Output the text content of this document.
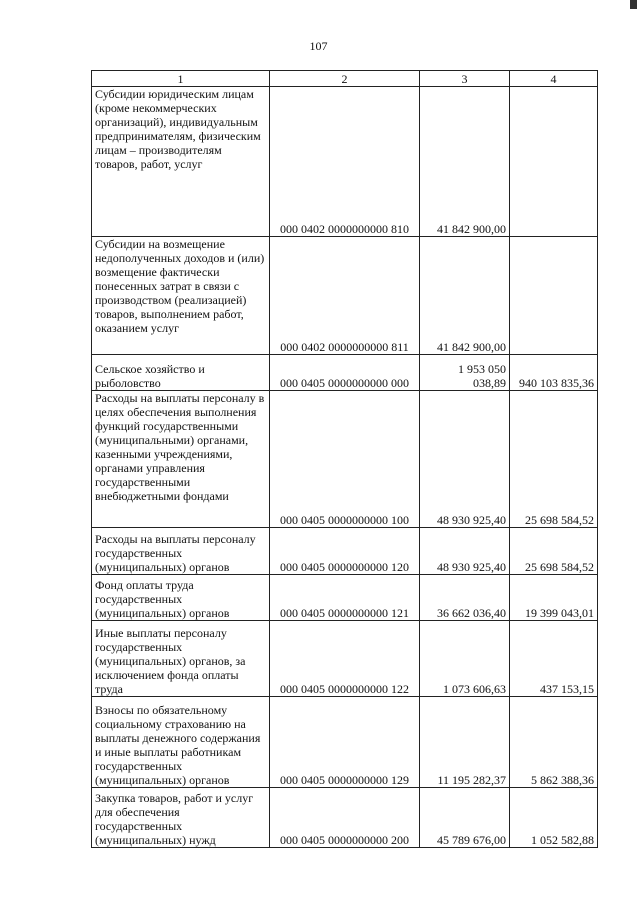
107
1	2	3	4
Субсидии юридическим лицам (кроме некоммерческих организаций), индивидуальным предпринимателям, физическим лицам – производителям товаров, работ, услуг	000 0402 0000000000 810	41 842 900,00	
Субсидии на возмещение недополученных доходов и (или) возмещение фактически понесенных затрат в связи с производством (реализацией) товаров, выполнением работ, оказанием услуг	000 0402 0000000000 811	41 842 900,00	
Сельское хозяйство и рыболовство	000 0405 0000000000 000	1 953 050 038,89	940 103 835,36
Расходы на выплаты персоналу в целях обеспечения выполнения функций государственными (муниципальными) органами, казенными учреждениями, органами управления государственными внебюджетными фондами	000 0405 0000000000 100	48 930 925,40	25 698 584,52
Расходы на выплаты персоналу государственных (муниципальных) органов	000 0405 0000000000 120	48 930 925,40	25 698 584,52
Фонд оплаты труда государственных (муниципальных) органов	000 0405 0000000000 121	36 662 036,40	19 399 043,01
Иные выплаты персоналу государственных (муниципальных) органов, за исключением фонда оплаты труда	000 0405 0000000000 122	1 073 606,63	437 153,15
Взносы по обязательному социальному страхованию на выплаты денежного содержания и иные выплаты работникам государственных (муниципальных) органов	000 0405 0000000000 129	11 195 282,37	5 862 388,36
Закупка товаров, работ и услуг для обеспечения государственных (муниципальных) нужд	000 0405 0000000000 200	45 789 676,00	1 052 582,88
